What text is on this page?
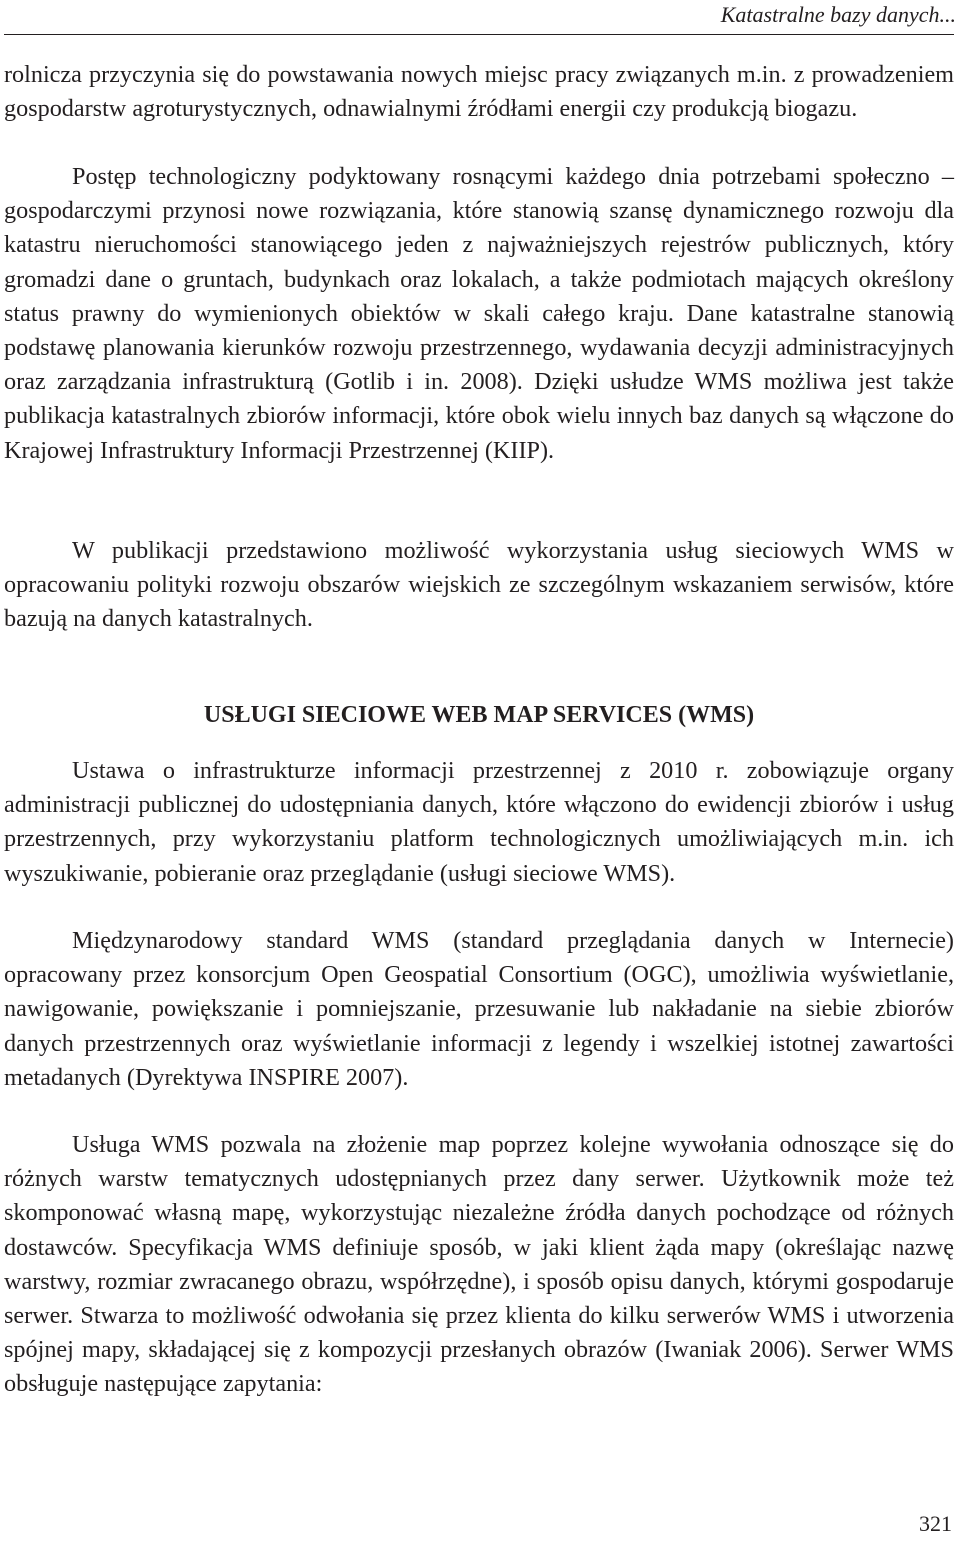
Katastralne bazy danych...

rolnicza przyczynia się do powstawania nowych miejsc pracy związanych m.in. z prowadzeniem gospodarstw agroturystycznych, odnawialnymi źródłami energii czy produkcją biogazu.

Postęp technologiczny podyktowany rosnącymi każdego dnia potrzebami społeczno – gospodarczymi przynosi nowe rozwiązania, które stanowią szansę dynamicznego rozwoju dla katastru nieruchomości stanowiącego jeden z najważniejszych rejestrów publicznych, który gromadzi dane o gruntach, budynkach oraz lokalach, a także podmiotach mających określony status prawny do wymienionych obiektów w skali całego kraju. Dane katastralne stanowią podstawę planowania kierunków rozwoju przestrzennego, wydawania decyzji administracyjnych oraz zarządzania infrastrukturą (Gotlib i in. 2008). Dzięki usłudze WMS możliwa jest także publikacja katastralnych zbiorów informacji, które obok wielu innych baz danych są włączone do Krajowej Infrastruktury Informacji Przestrzennej (KIIP).

W publikacji przedstawiono możliwość wykorzystania usług sieciowych WMS w opracowaniu polityki rozwoju obszarów wiejskich ze szczególnym wskazaniem serwisów, które bazują na danych katastralnych.

USŁUGI SIECIOWE WEB MAP SERVICES (WMS)

Ustawa o infrastrukturze informacji przestrzennej z 2010 r. zobowiązuje organy administracji publicznej do udostępniania danych, które włączono do ewidencji zbiorów i usług przestrzennych, przy wykorzystaniu platform technologicznych umożliwiających m.in. ich wyszukiwanie, pobieranie oraz przeglądanie (usługi sieciowe WMS).

Międzynarodowy standard WMS (standard przeglądania danych w Internecie) opracowany przez konsorcjum Open Geospatial Consortium (OGC), umożliwia wyświetlanie, nawigowanie, powiększanie i pomniejszanie, przesuwanie lub nakładanie na siebie zbiorów danych przestrzennych oraz wyświetlanie informacji z legendy i wszelkiej istotnej zawartości metadanych (Dyrektywa INSPIRE 2007).

Usługa WMS pozwala na złożenie map poprzez kolejne wywołania odnoszące się do różnych warstw tematycznych udostępnianych przez dany serwer. Użytkownik może też skomponować własną mapę, wykorzystując niezależne źródła danych pochodzące od różnych dostawców. Specyfikacja WMS definiuje sposób, w jaki klient żąda mapy (określając nazwę warstwy, rozmiar zwracanego obrazu, współrzędne), i sposób opisu danych, którymi gospodaruje serwer. Stwarza to możliwość odwołania się przez klienta do kilku serwerów WMS i utworzenia spójnej mapy, składającej się z kompozycji przesłanych obrazów (Iwaniak 2006). Serwer WMS obsługuje następujące zapytania:

321
